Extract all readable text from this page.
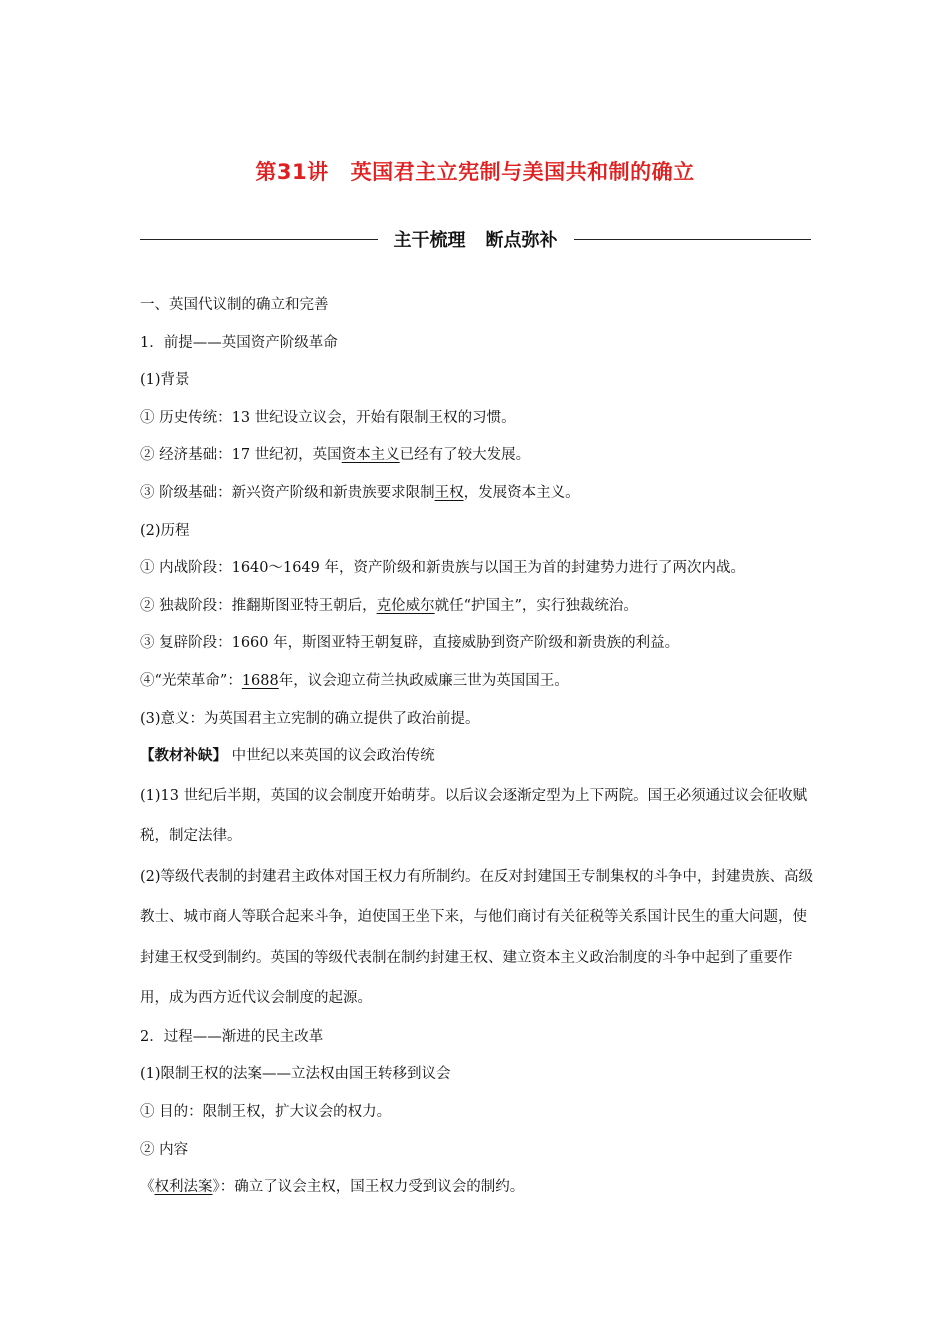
第31讲 英国君主立宪制与美国共和制的确立
主干梳理 断点弥补
一、英国代议制的确立和完善
1．前提——英国资产阶级革命
(1)背景
① 历史传统：13 世纪设立议会，开始有限制王权的习惯。
② 经济基础：17 世纪初，英国资本主义已经有了较大发展。
③ 阶级基础：新兴资产阶级和新贵族要求限制王权，发展资本主义。
(2)历程
① 内战阶段：1640～1649 年，资产阶级和新贵族与以国王为首的封建势力进行了两次内战。
② 独裁阶段：推翻斯图亚特王朝后，克伦威尔就任“护国主”，实行独裁统治。
③ 复辟阶段：1660 年，斯图亚特王朝复辟，直接威胁到资产阶级和新贵族的利益。
④“光荣革命”：1688年，议会迎立荷兰执政威廉三世为英国国王。
(3)意义：为英国君主立宪制的确立提供了政治前提。
【教材补缺】 中世纪以来英国的议会政治传统
(1)13 世纪后半期，英国的议会制度开始萌芽。以后议会逐渐定型为上下两院。国王必须通过议会征收赋税，制定法律。
(2)等级代表制的封建君主政体对国王权力有所制约。在反对封建国王专制集权的斗争中，封建贵族、高级教士、城市商人等联合起来斗争，迫使国王坐下来，与他们商讨有关征税等关系国计民生的重大问题，使封建王权受到制约。英国的等级代表制在制约封建王权、建立资本主义政治制度的斗争中起到了重要作用，成为西方近代议会制度的起源。
2．过程——渐进的民主改革
(1)限制王权的法案——立法权由国王转移到议会
① 目的：限制王权，扩大议会的权力。
② 内容
《权利法案》：确立了议会主权，国王权力受到议会的制约。
